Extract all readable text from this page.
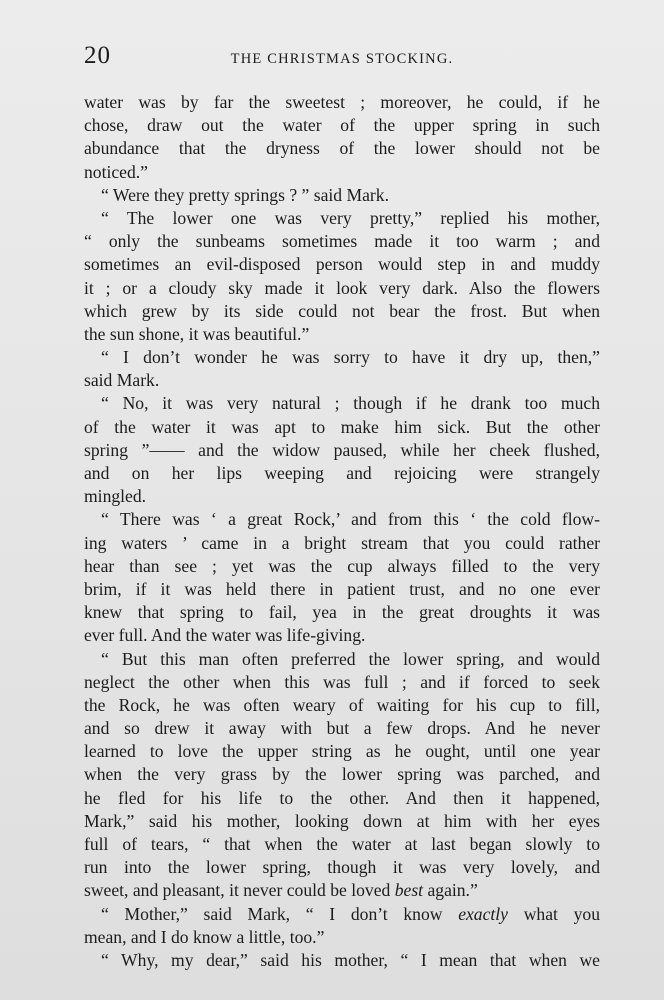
20	THE CHRISTMAS STOCKING.
water was by far the sweetest ; moreover, he could, if he
chose, draw out the water of the upper spring in such
abundance that the dryness of the lower should not be
noticed.”
“ Were they pretty springs ? ” said Mark.
“ The lower one was very pretty,” replied his mother,
“ only the sunbeams sometimes made it too warm ; and
sometimes an evil-disposed person would step in and muddy
it ; or a cloudy sky made it look very dark. Also the flowers
which grew by its side could not bear the frost. But when
the sun shone, it was beautiful.”
“ I don’t wonder he was sorry to have it dry up, then,”
said Mark.
“ No, it was very natural ; though if he drank too much
of the water it was apt to make him sick. But the other
spring ”—— and the widow paused, while her cheek flushed,
and on her lips weeping and rejoicing were strangely
mingled.
“ There was ‘ a great Rock,’ and from this ‘ the cold flow-
ing waters ’ came in a bright stream that you could rather
hear than see ; yet was the cup always filled to the very
brim, if it was held there in patient trust, and no one ever
knew that spring to fail, yea in the great droughts it was
ever full. And the water was life-giving.
“ But this man often preferred the lower spring, and would
neglect the other when this was full ; and if forced to seek
the Rock, he was often weary of waiting for his cup to fill,
and so drew it away with but a few drops. And he never
learned to love the upper string as he ought, until one year
when the very grass by the lower spring was parched, and
he fled for his life to the other. And then it happened,
Mark,” said his mother, looking down at him with her eyes
full of tears, “ that when the water at last began slowly to
run into the lower spring, though it was very lovely, and
sweet, and pleasant, it never could be loved best again.”
“ Mother,” said Mark, “ I don’t know exactly what you
mean, and I do know a little, too.”
“ Why, my dear,” said his mother, “ I mean that when we
